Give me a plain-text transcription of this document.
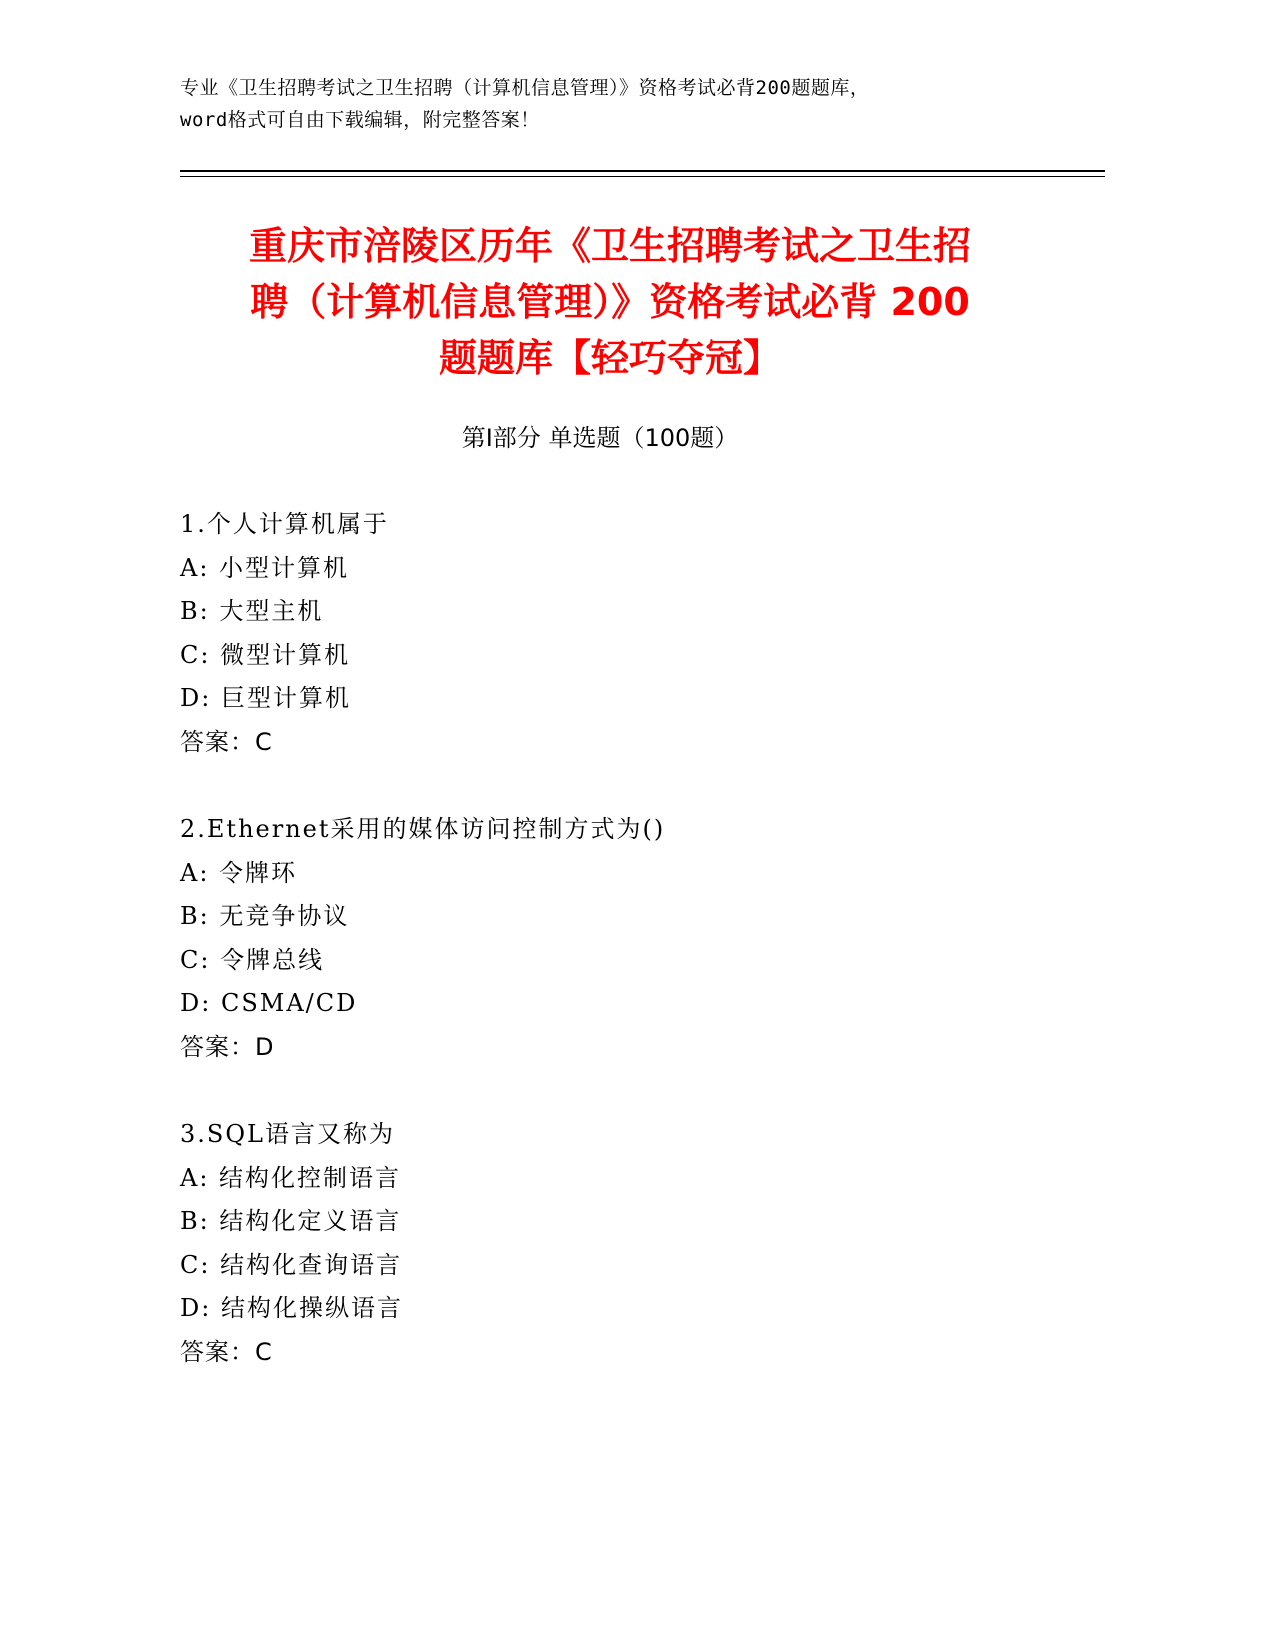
专业《卫生招聘考试之卫生招聘（计算机信息管理）》资格考试必背200题题库，
word格式可自由下载编辑，附完整答案！
重庆市涪陵区历年《卫生招聘考试之卫生招
聘（计算机信息管理）》资格考试必背 200
题题库【轻巧夺冠】
第Ⅰ部分 单选题（100题）
1.个人计算机属于
A: 小型计算机
B: 大型主机
C: 微型计算机
D: 巨型计算机
答案：C
2.Ethernet采用的媒体访问控制方式为()
A: 令牌环
B: 无竞争协议
C: 令牌总线
D: CSMA/CD
答案：D
3.SQL语言又称为
A: 结构化控制语言
B: 结构化定义语言
C: 结构化查询语言
D: 结构化操纵语言
答案：C
